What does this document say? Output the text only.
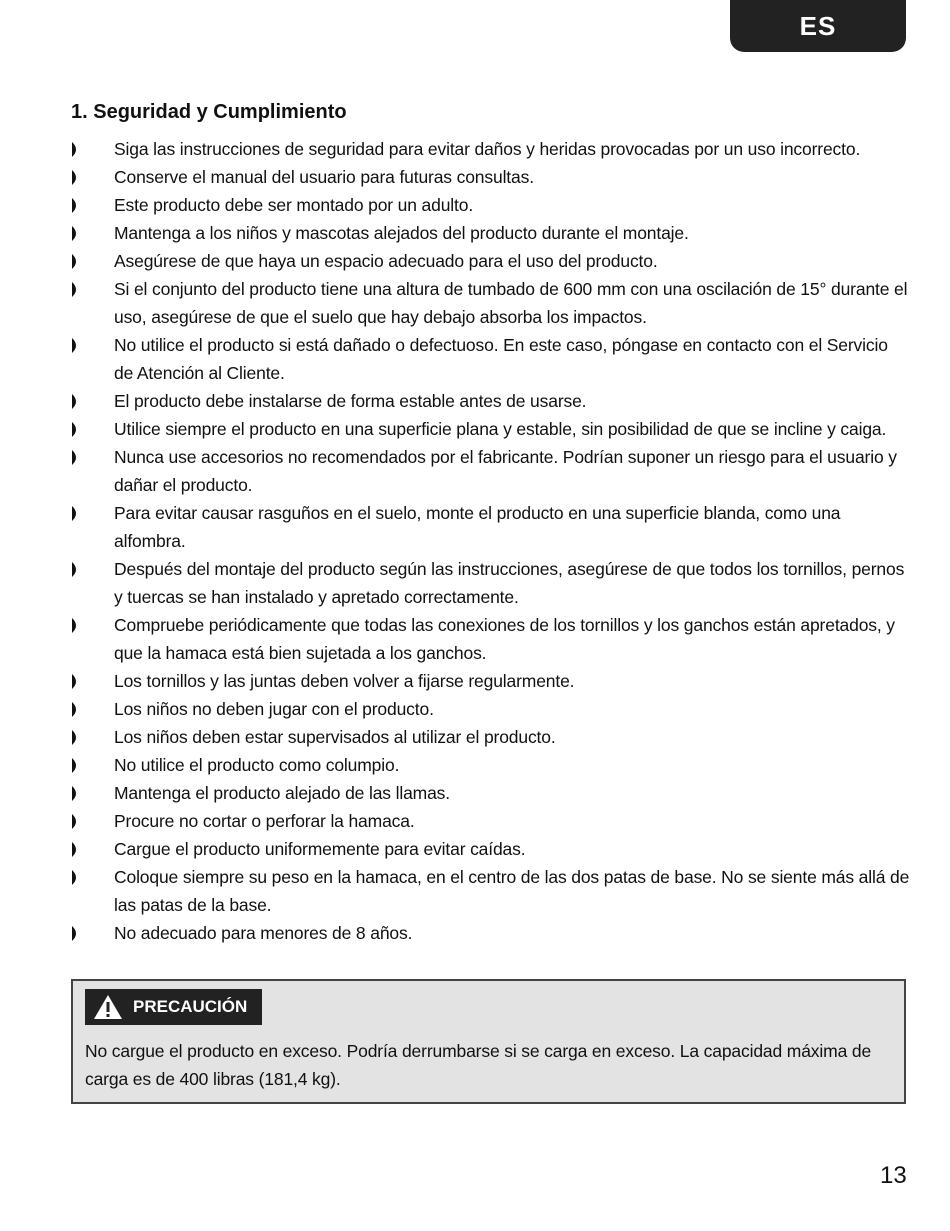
ES
1. Seguridad y Cumplimiento
Siga las instrucciones de seguridad para evitar daños y heridas provocadas por un uso incorrecto.
Conserve el manual del usuario para futuras consultas.
Este producto debe ser montado por un adulto.
Mantenga a los niños y mascotas alejados del producto durante el montaje.
Asegúrese de que haya un espacio adecuado para el uso del producto.
Si el conjunto del producto tiene una altura de tumbado de 600 mm con una oscilación de 15° durante el uso, asegúrese de que el suelo que hay debajo absorba los impactos.
No utilice el producto si está dañado o defectuoso. En este caso, póngase en contacto con el Servicio de Atención al Cliente.
El producto debe instalarse de forma estable antes de usarse.
Utilice siempre el producto en una superficie plana y estable, sin posibilidad de que se incline y caiga.
Nunca use accesorios no recomendados por el fabricante. Podrían suponer un riesgo para el usuario y dañar el producto.
Para evitar causar rasguños en el suelo, monte el producto en una superficie blanda, como una alfombra.
Después del montaje del producto según las instrucciones, asegúrese de que todos los tornillos, pernos y tuercas se han instalado y apretado correctamente.
Compruebe periódicamente que todas las conexiones de los tornillos y los ganchos están apretados, y que la hamaca está bien sujetada a los ganchos.
Los tornillos y las juntas deben volver a fijarse regularmente.
Los niños no deben jugar con el producto.
Los niños deben estar supervisados al utilizar el producto.
No utilice el producto como columpio.
Mantenga el producto alejado de las llamas.
Procure no cortar o perforar la hamaca.
Cargue el producto uniformemente para evitar caídas.
Coloque siempre su peso en la hamaca, en el centro de las dos patas de base. No se siente más allá de las patas de la base.
No adecuado para menores de 8 años.
PRECAUCIÓN

No cargue el producto en exceso. Podría derrumbarse si se carga en exceso. La capacidad máxima de carga es de 400 libras (181,4 kg).

13
